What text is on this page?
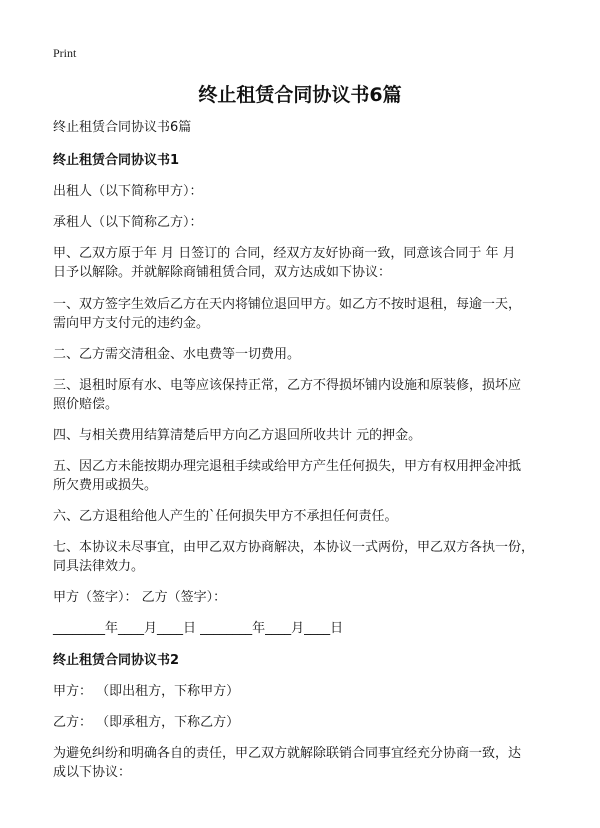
Print
终止租赁合同协议书6篇

终止租赁合同协议书6篇

终止租赁合同协议书1

出租人（以下简称甲方）：

承租人（以下简称乙方）：

甲、乙双方原于年 月 日签订的 合同，经双方友好协商一致，同意该合同于 年 月

日予以解除。并就解除商铺租赁合同，双方达成如下协议：

一、双方签字生效后乙方在天内将铺位退回甲方。如乙方不按时退租，每逾一天，

需向甲方支付元的违约金。

二、乙方需交清租金、水电费等一切费用。

三、退租时原有水、电等应该保持正常，乙方不得损坏铺内设施和原装修，损坏应

照价赔偿。

四、与相关费用结算清楚后甲方向乙方退回所收共计 元的押金。

五、因乙方未能按期办理完退租手续或给甲方产生任何损失，甲方有权用押金冲抵

所欠费用或损失。

六、乙方退租给他人产生的`任何损失甲方不承担任何责任。

七、本协议未尽事宜，由甲乙双方协商解决，本协议一式两份，甲乙双方各执一份，

同具法律效力。

甲方（签字）： 乙方（签字）：

________年____月____日 ________年____月____日

终止租赁合同协议书2

甲方： （即出租方，下称甲方）

乙方： （即承租方，下称乙方）

为避免纠纷和明确各自的责任，甲乙双方就解除联销合同事宜经充分协商一致，达

成以下协议：
